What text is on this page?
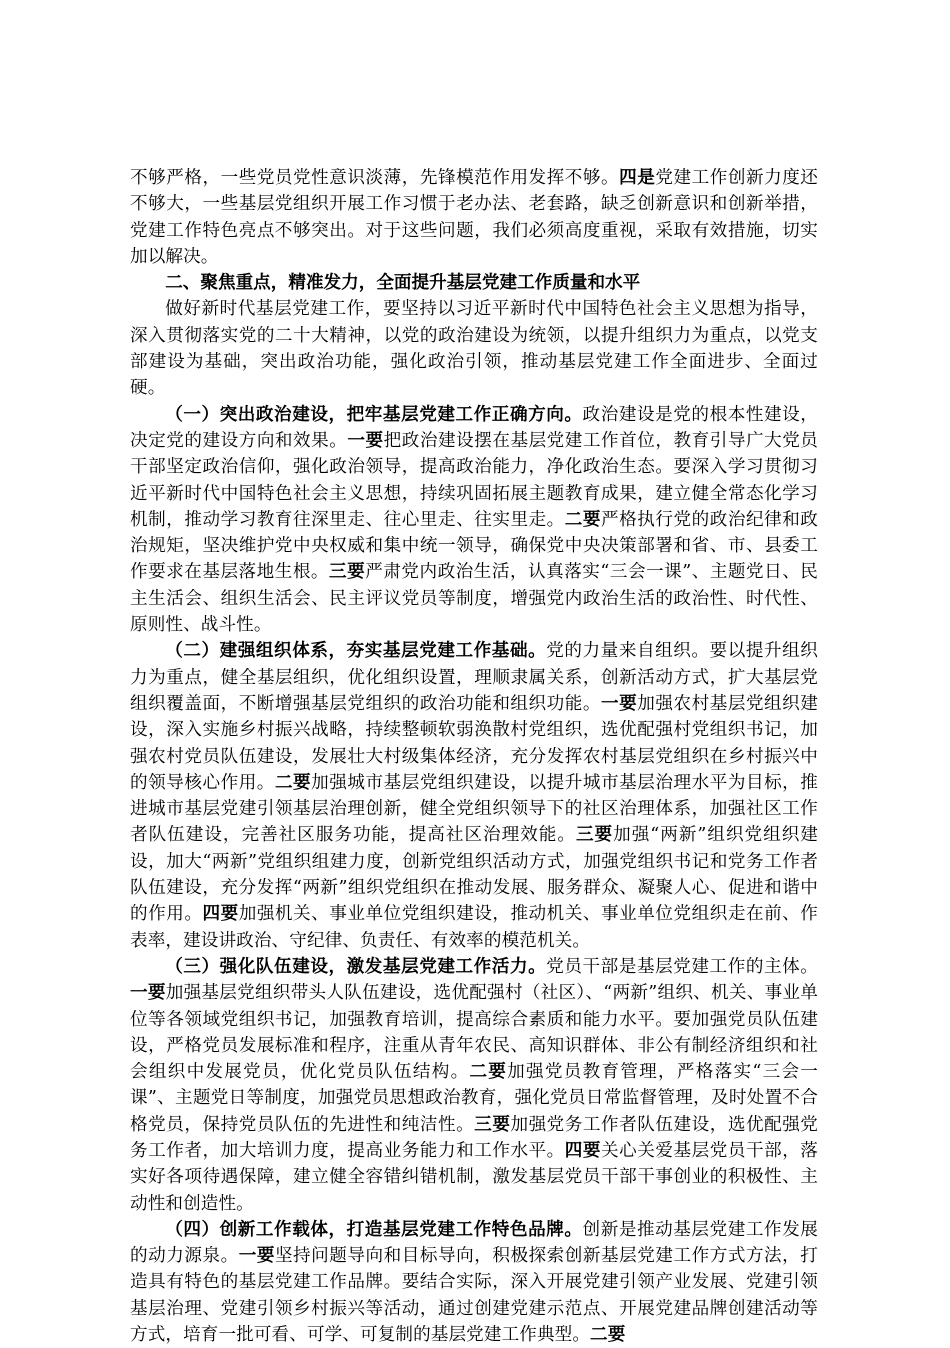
不够严格，一些党员党性意识淡薄，先锋模范作用发挥不够。四是党建工作创新力度还不够大，一些基层党组织开展工作习惯于老办法、老套路，缺乏创新意识和创新举措，党建工作特色亮点不够突出。对于这些问题，我们必须高度重视，采取有效措施，切实加以解决。

二、聚焦重点，精准发力，全面提升基层党建工作质量和水平

做好新时代基层党建工作，要坚持以习近平新时代中国特色社会主义思想为指导，深入贯彻落实党的二十大精神，以党的政治建设为统领，以提升组织力为重点，以党支部建设为基础，突出政治功能，强化政治引领，推动基层党建工作全面进步、全面过硬。

（一）突出政治建设，把牢基层党建工作正确方向。政治建设是党的根本性建设，决定党的建设方向和效果。一要把政治建设摆在基层党建工作首位，教育引导广大党员干部坚定政治信仰，强化政治领导，提高政治能力，净化政治生态。要深入学习贯彻习近平新时代中国特色社会主义思想，持续巩固拓展主题教育成果，建立健全常态化学习机制，推动学习教育往深里走、往心里走、往实里走。二要严格执行党的政治纪律和政治规矩，坚决维护党中央权威和集中统一领导，确保党中央决策部署和省、市、县委工作要求在基层落地生根。三要严肃党内政治生活，认真落实“三会一课”、主题党日、民主生活会、组织生活会、民主评议党员等制度，增强党内政治生活的政治性、时代性、原则性、战斗性。

（二）建强组织体系，夯实基层党建工作基础。党的力量来自组织。要以提升组织力为重点，健全基层组织，优化组织设置，理顺隶属关系，创新活动方式，扩大基层党组织覆盖面，不断增强基层党组织的政治功能和组织功能。一要加强农村基层党组织建设，深入实施乡村振兴战略，持续整顿软弱涣散村党组织，选优配强村党组织书记，加强农村党员队伍建设，发展壮大村级集体经济，充分发挥农村基层党组织在乡村振兴中的领导核心作用。二要加强城市基层党组织建设，以提升城市基层治理水平为目标，推进城市基层党建引领基层治理创新，健全党组织领导下的社区治理体系，加强社区工作者队伍建设，完善社区服务功能，提高社区治理效能。三要加强“两新”组织党组织建设，加大“两新”党组织组建力度，创新党组织活动方式，加强党组织书记和党务工作者队伍建设，充分发挥“两新”组织党组织在推动发展、服务群众、凝聚人心、促进和谐中的作用。四要加强机关、事业单位党组织建设，推动机关、事业单位党组织走在前、作表率，建设讲政治、守纪律、负责任、有效率的模范机关。

（三）强化队伍建设，激发基层党建工作活力。党员干部是基层党建工作的主体。一要加强基层党组织带头人队伍建设，选优配强村（社区）、“两新”组织、机关、事业单位等各领域党组织书记，加强教育培训，提高综合素质和能力水平。要加强党员队伍建设，严格党员发展标准和程序，注重从青年农民、高知识群体、非公有制经济组织和社会组织中发展党员，优化党员队伍结构。二要加强党员教育管理，严格落实“三会一课”、主题党日等制度，加强党员思想政治教育，强化党员日常监督管理，及时处置不合格党员，保持党员队伍的先进性和纯洁性。三要加强党务工作者队伍建设，选优配强党务工作者，加大培训力度，提高业务能力和工作水平。四要关心关爱基层党员干部，落实好各项待遇保障，建立健全容错纠错机制，激发基层党员干部干事创业的积极性、主动性和创造性。

（四）创新工作载体，打造基层党建工作特色品牌。创新是推动基层党建工作发展的动力源泉。一要坚持问题导向和目标导向，积极探索创新基层党建工作方式方法，打造具有特色的基层党建工作品牌。要结合实际，深入开展党建引领产业发展、党建引领基层治理、党建引领乡村振兴等活动，通过创建党建示范点、开展党建品牌创建活动等方式，培育一批可看、可学、可复制的基层党建工作典型。二要
